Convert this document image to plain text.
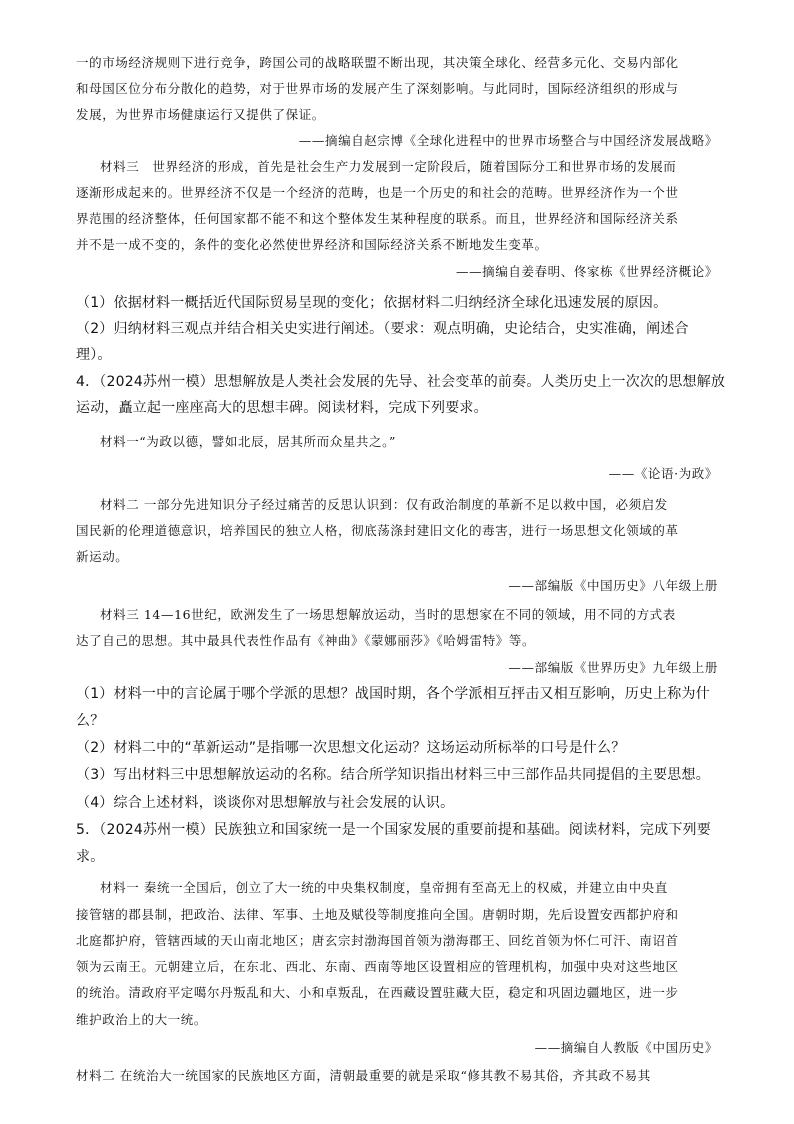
一的市场经济规则下进行竞争，跨国公司的战略联盟不断出现，其决策全球化、经营多元化、交易内部化
和母国区位分布分散化的趋势，对于世界市场的发展产生了深刻影响。与此同时，国际经济组织的形成与
发展，为世界市场健康运行又提供了保证。
——摘编自赵宗博《全球化进程中的世界市场整合与中国经济发展战略》
材料三　世界经济的形成，首先是社会生产力发展到一定阶段后，随着国际分工和世界市场的发展而
逐渐形成起来的。世界经济不仅是一个经济的范畴，也是一个历史的和社会的范畴。世界经济作为一个世
界范围的经济整体，任何国家都不能不和这个整体发生某种程度的联系。而且，世界经济和国际经济关系
并不是一成不变的，条件的变化必然使世界经济和国际经济关系不断地发生变革。
——摘编自姜春明、佟家栋《世界经济概论》
（1）依据材料一概括近代国际贸易呈现的变化；依据材料二归纳经济全球化迅速发展的原因。
（2）归纳材料三观点并结合相关史实进行阐述。（要求：观点明确，史论结合，史实准确，阐述合
理）。
4．（2024苏州一模）思想解放是人类社会发展的先导、社会变革的前奏。人类历史上一次次的思想解放
运动，矗立起一座座高大的思想丰碑。阅读材料，完成下列要求。
材料一“为政以德，譬如北辰，居其所而众星共之。”
——《论语·为政》
材料二 一部分先进知识分子经过痛苦的反思认识到：仅有政治制度的革新不足以救中国，必须启发
国民新的伦理道德意识，培养国民的独立人格，彻底荡涤封建旧文化的毒害，进行一场思想文化领域的革
新运动。
——部编版《中国历史》八年级上册
材料三 14—16世纪，欧洲发生了一场思想解放运动，当时的思想家在不同的领域，用不同的方式表
达了自己的思想。其中最具代表性作品有《神曲》《蒙娜丽莎》《哈姆雷特》等。
——部编版《世界历史》九年级上册
（1）材料一中的言论属于哪个学派的思想？战国时期，各个学派相互抨击又相互影响，历史上称为什
么？
（2）材料二中的“革新运动”是指哪一次思想文化运动？这场运动所标举的口号是什么？
（3）写出材料三中思想解放运动的名称。结合所学知识指出材料三中三部作品共同提倡的主要思想。
（4）综合上述材料，谈谈你对思想解放与社会发展的认识。
5．（2024苏州一模）民族独立和国家统一是一个国家发展的重要前提和基础。阅读材料，完成下列要
求。
材料一 秦统一全国后，创立了大一统的中央集权制度，皇帝拥有至高无上的权威，并建立由中央直
接管辖的郡县制，把政治、法律、军事、土地及赋役等制度推向全国。唐朝时期，先后设置安西都护府和
北庭都护府，管辖西域的天山南北地区；唐玄宗封渤海国首领为渤海郡王、回纥首领为怀仁可汗、南诏首
领为云南王。元朝建立后，在东北、西北、东南、西南等地区设置相应的管理机构，加强中央对这些地区
的统治。清政府平定噶尔丹叛乱和大、小和卓叛乱，在西藏设置驻藏大臣，稳定和巩固边疆地区，进一步
维护政治上的大一统。
——摘编自人教版《中国历史》
材料二 在统治大一统国家的民族地区方面，清朝最重要的就是采取“修其教不易其俗，齐其政不易其
